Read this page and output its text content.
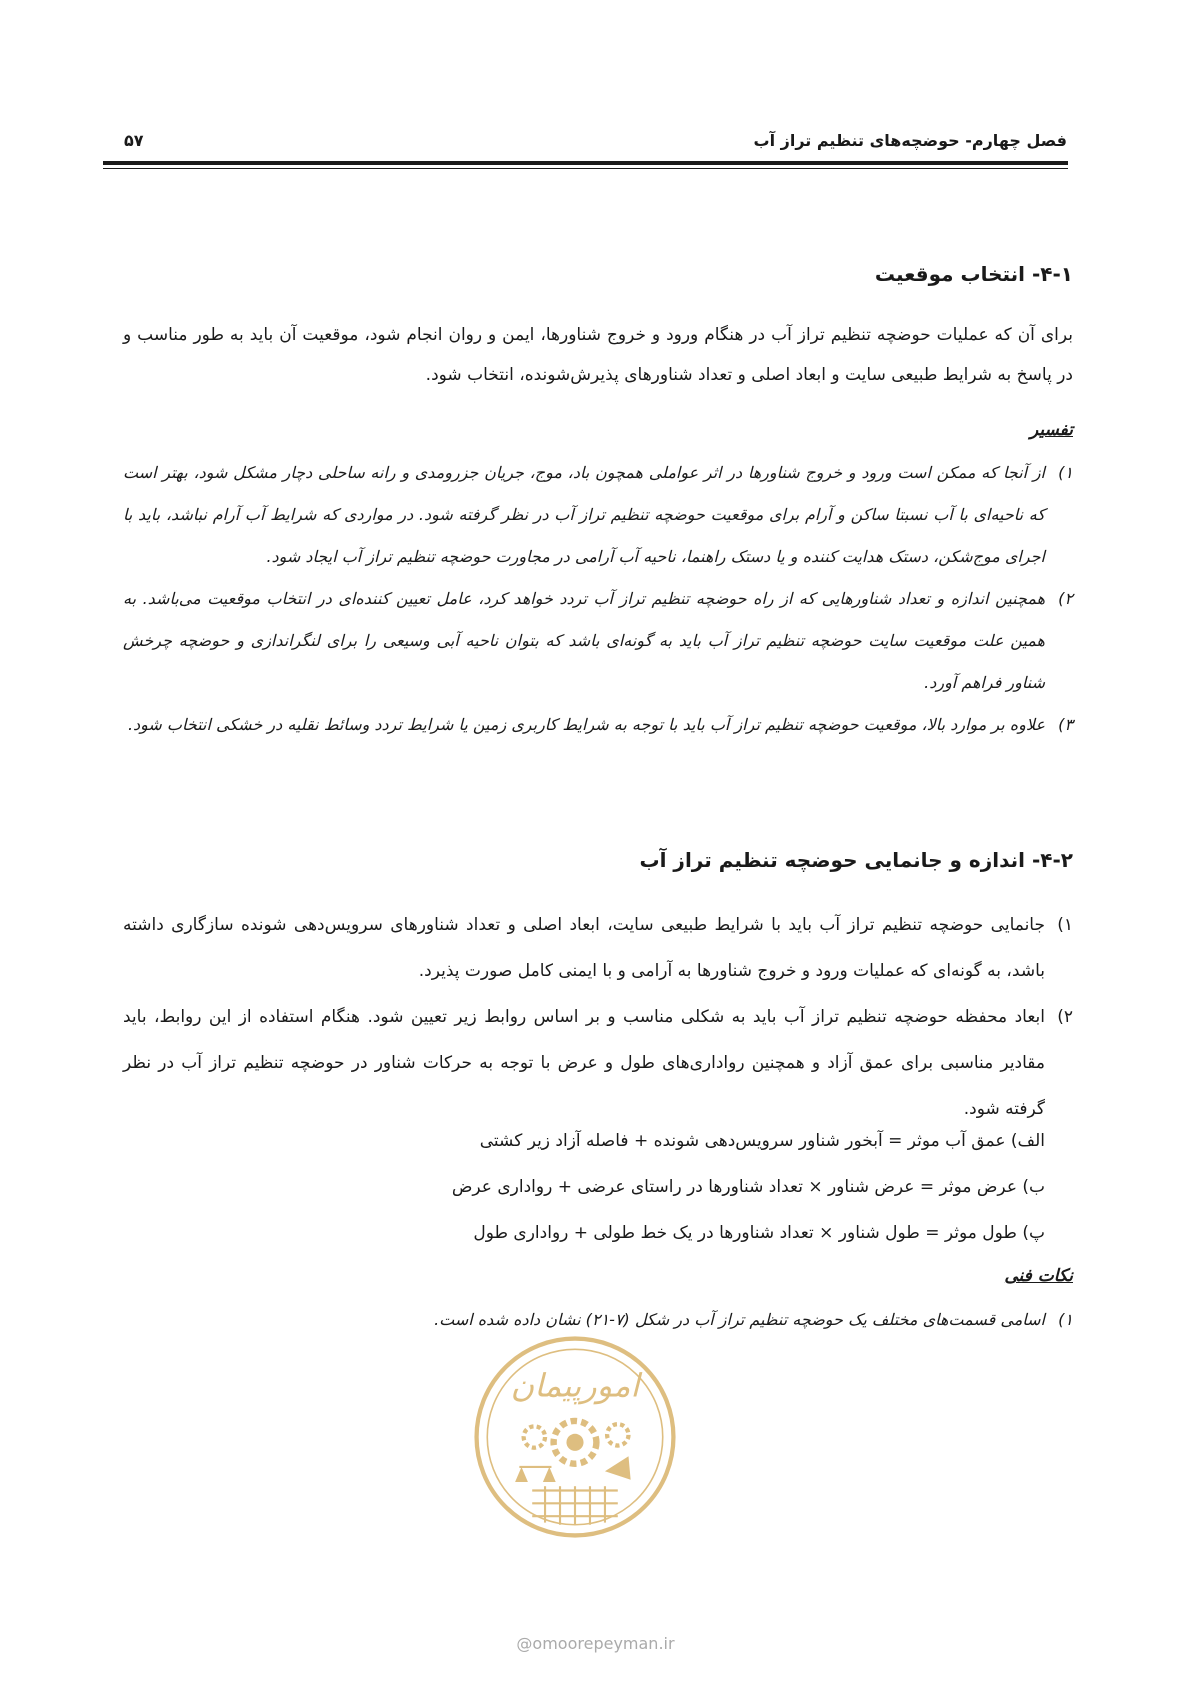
فصل چهارم- حوضچه‌های تنظیم تراز آب
۵۷
۴-۱- انتخاب موقعیت
برای آن که عملیات حوضچه تنظیم تراز آب در هنگام ورود و خروج شناورها، ایمن و روان انجام شود، موقعیت آن باید به طور مناسب و در پاسخ به شرایط طبیعی سایت و ابعاد اصلی و تعداد شناورهای پذیرش‌شونده، انتخاب شود.
تفسیر
۱)
از آنجا که ممکن است ورود و خروج شناورها در اثر عواملی همچون باد، موج، جریان جزرومدی و رانه ساحلی دچار مشکل شود، بهتر است که ناحیه‌ای با آب نسبتا ساکن و آرام برای موقعیت حوضچه تنظیم تراز آب در نظر گرفته شود. در مواردی که شرایط آب آرام نباشد، باید با اجرای موج‌شکن، دستک هدایت کننده و یا دستک راهنما، ناحیه آب آرامی در مجاورت حوضچه تنظیم تراز آب ایجاد شود.
۲)
همچنین اندازه و تعداد شناورهایی که از راه حوضچه تنظیم تراز آب تردد خواهد کرد، عامل تعیین کننده‌ای در انتخاب موقعیت می‌باشد. به همین علت موقعیت سایت حوضچه تنظیم تراز آب باید به گونه‌ای باشد که بتوان ناحیه آبی وسیعی را برای لنگراندازی و حوضچه چرخش شناور فراهم آورد.
۳)
علاوه بر موارد بالا، موقعیت حوضچه تنظیم تراز آب باید با توجه به شرایط کاربری زمین یا شرایط تردد وسائط نقلیه در خشکی انتخاب شود.
۴-۲- اندازه و جانمایی حوضچه تنظیم تراز آب
۱)
جانمایی حوضچه تنظیم تراز آب باید با شرایط طبیعی سایت، ابعاد اصلی و تعداد شناورهای سرویس‌دهی شونده سازگاری داشته باشد، به گونه‌ای که عملیات ورود و خروج شناورها به آرامی و با ایمنی کامل صورت پذیرد.
۲)
ابعاد محفظه حوضچه تنظیم تراز آب باید به شکلی مناسب و بر اساس روابط زیر تعیین شود. هنگام استفاده از این روابط، باید مقادیر مناسبی برای عمق آزاد و همچنین رواداری‌های طول و عرض با توجه به حرکات شناور در حوضچه تنظیم تراز آب در نظر گرفته شود.
الف) عمق آب موثر = آبخور شناور سرویس‌دهی شونده + فاصله آزاد زیر کشتی
ب) عرض موثر = عرض شناور × تعداد شناورها در راستای عرضی + رواداری عرض
پ) طول موثر = طول شناور × تعداد شناورها در یک خط طولی + رواداری طول
نکات فنی
۱)
اسامی قسمت‌های مختلف یک حوضچه تنظیم تراز آب در شکل (۷-۲۱) نشان داده شده است.
امورپیمان
@omoorepeyman.ir
